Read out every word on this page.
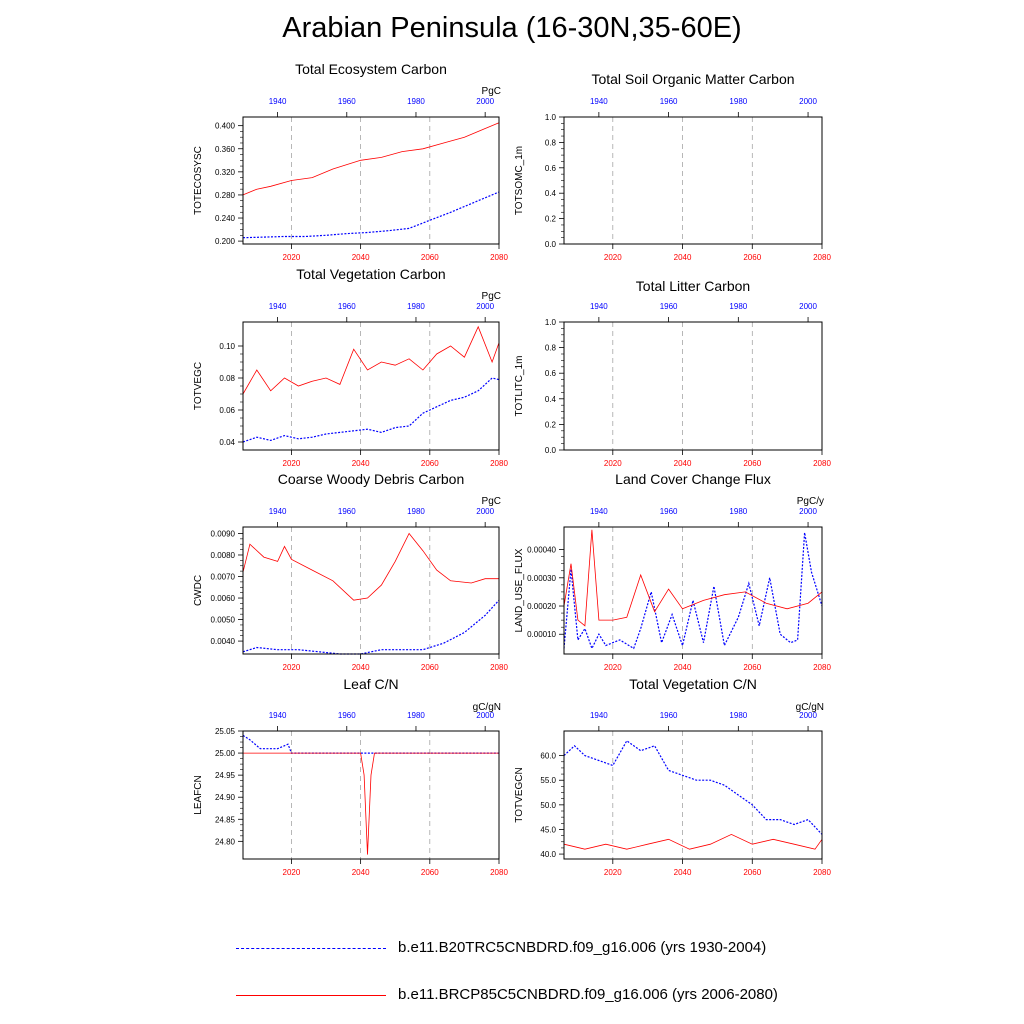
Arabian Peninsula (16-30N,35-60E)
Total Ecosystem Carbon
PgC
TOTECOSYSC
0.200
0.240
0.280
0.320
0.360
0.400
2020	2040	2060	2080
1940	1960	1980	2000
Total Soil Organic Matter Carbon
TOTSOMC_1m
0.0
0.2
0.4
0.6
0.8
1.0
2020	2040	2060	2080
1940	1960	1980	2000
Total Vegetation Carbon
PgC
TOTVEGC
0.04
0.06
0.08
0.10
2020	2040	2060	2080
1940	1960	1980	2000
Total Litter Carbon
TOTLITC_1m
0.0
0.2
0.4
0.6
0.8
1.0
2020	2040	2060	2080
1940	1960	1980	2000
Coarse Woody Debris Carbon
PgC
CWDC
0.0040
0.0050
0.0060
0.0070
0.0080
0.0090
2020	2040	2060	2080
1940	1960	1980	2000
Land Cover Change Flux
PgC/y
LAND_USE_FLUX
0.00010
0.00020
0.00030
0.00040
2020	2040	2060	2080
1940	1960	1980	2000
Leaf C/N
gC/gN
LEAFCN
24.80
24.85
24.90
24.95
25.00
25.05
2020	2040	2060	2080
1940	1960	1980	2000
Total Vegetation C/N
gC/gN
TOTVEGCN
40.0
45.0
50.0
55.0
60.0
2020	2040	2060	2080
1940	1960	1980	2000
b.e11.B20TRC5CNBDRD.f09_g16.006 (yrs 1930-2004)
b.e11.BRCP85C5CNBDRD.f09_g16.006 (yrs 2006-2080)
